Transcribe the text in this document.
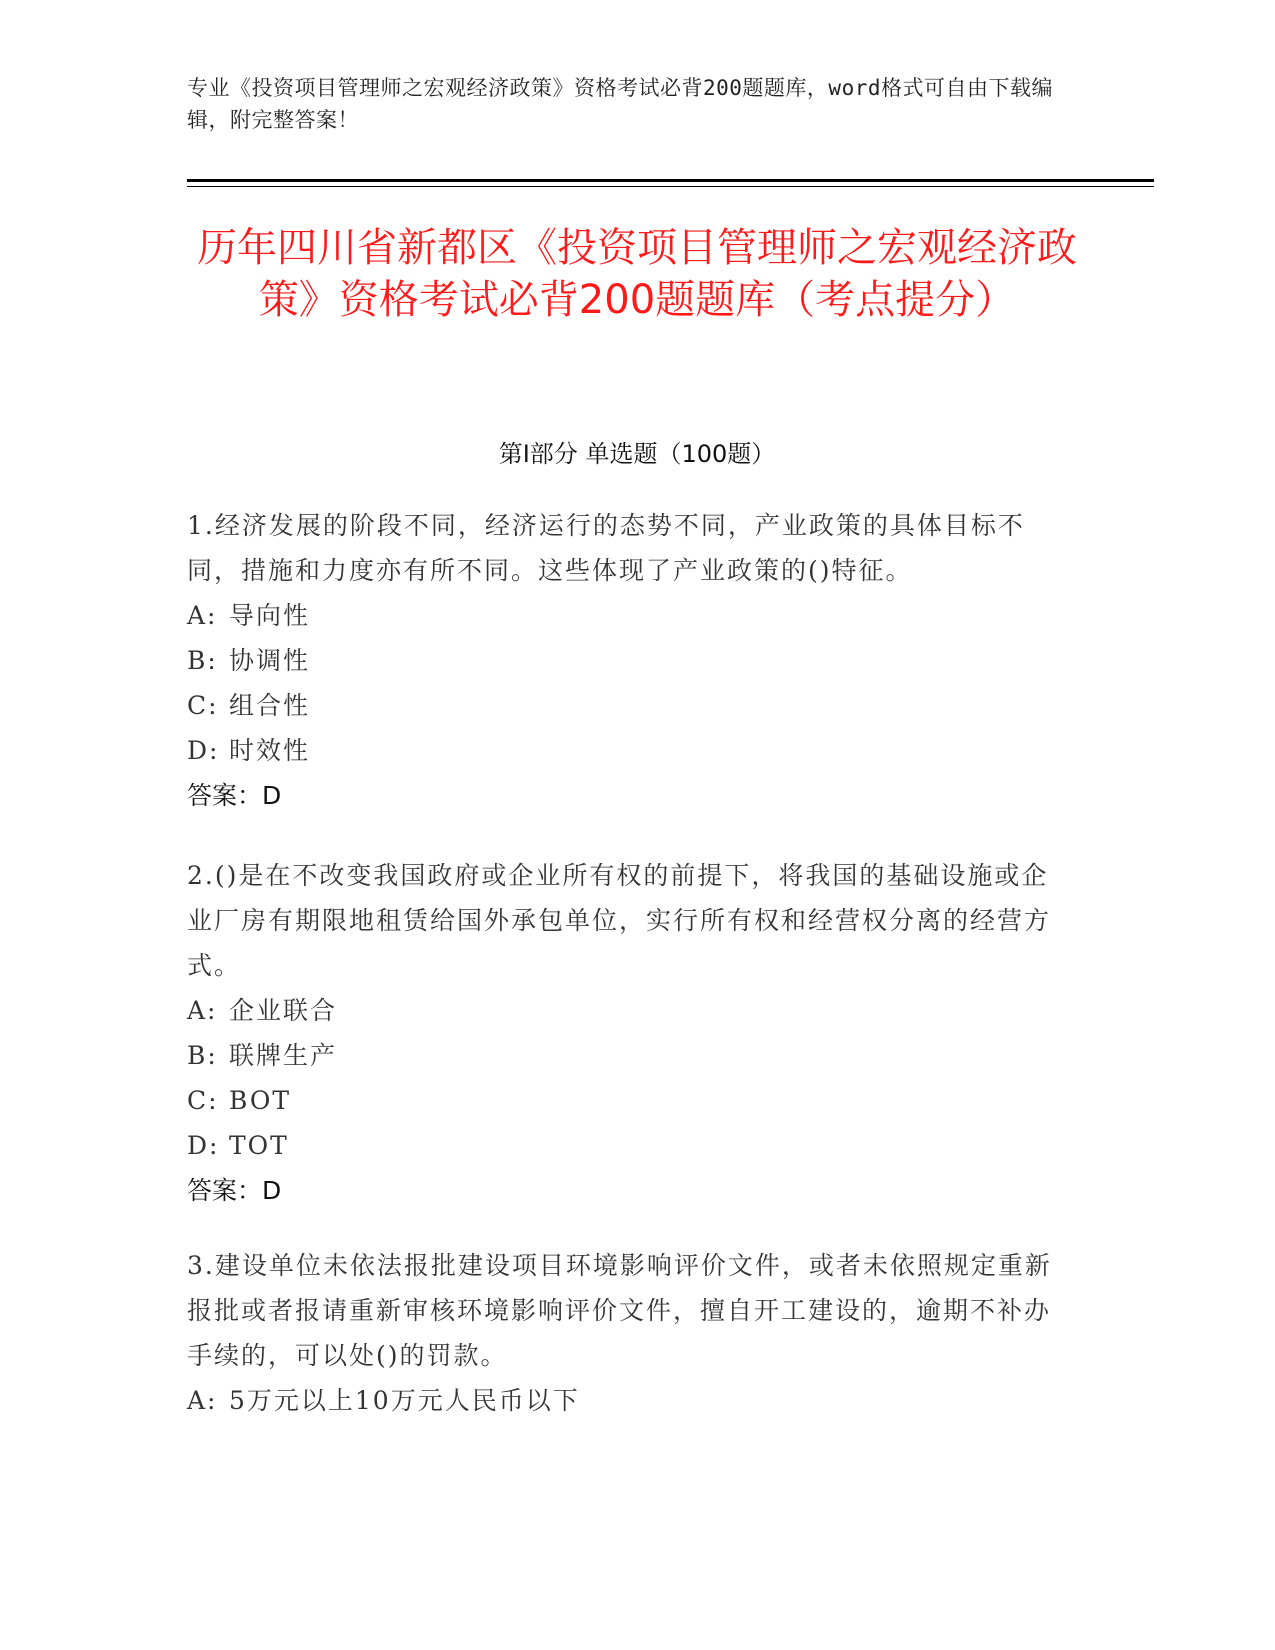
专业《投资项目管理师之宏观经济政策》资格考试必背200题题库，word格式可自由下载编辑，附完整答案！
历年四川省新都区《投资项目管理师之宏观经济政策》资格考试必背200题题库（考点提分）
第I部分 单选题（100题）
1.经济发展的阶段不同，经济运行的态势不同，产业政策的具体目标不同，措施和力度亦有所不同。这些体现了产业政策的()特征。
A: 导向性
B: 协调性
C: 组合性
D: 时效性
答案：D
2.()是在不改变我国政府或企业所有权的前提下，将我国的基础设施或企业厂房有期限地租赁给国外承包单位，实行所有权和经营权分离的经营方式。
A: 企业联合
B: 联牌生产
C: BOT
D: TOT
答案：D
3.建设单位未依法报批建设项目环境影响评价文件，或者未依照规定重新报批或者报请重新审核环境影响评价文件，擅自开工建设的，逾期不补办手续的，可以处()的罚款。
A: 5万元以上10万元人民币以下
